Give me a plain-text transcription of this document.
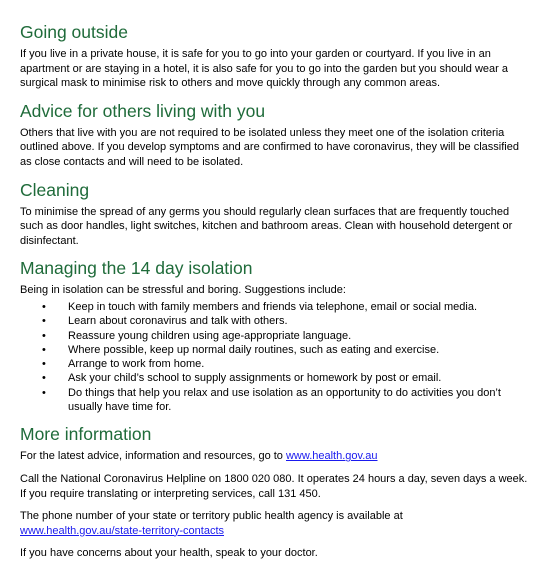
Going outside

If you live in a private house, it is safe for you to go into your garden or courtyard. If you live in an apartment or are staying in a hotel, it is also safe for you to go into the garden but you should wear a surgical mask to minimise risk to others and move quickly through any common areas.

Advice for others living with you

Others that live with you are not required to be isolated unless they meet one of the isolation criteria outlined above. If you develop symptoms and are confirmed to have coronavirus, they will be classified as close contacts and will need to be isolated.

Cleaning

To minimise the spread of any germs you should regularly clean surfaces that are frequently touched such as door handles, light switches, kitchen and bathroom areas. Clean with household detergent or disinfectant.

Managing the 14 day isolation

Being in isolation can be stressful and boring. Suggestions include:

• Keep in touch with family members and friends via telephone, email or social media.
• Learn about coronavirus and talk with others.
• Reassure young children using age-appropriate language.
• Where possible, keep up normal daily routines, such as eating and exercise.
• Arrange to work from home.
• Ask your child’s school to supply assignments or homework by post or email.
• Do things that help you relax and use isolation as an opportunity to do activities you don’t usually have time for.
More information

For the latest advice, information and resources, go to www.health.gov.au

Call the National Coronavirus Helpline on 1800 020 080. It operates 24 hours a day, seven days a week. If you require translating or interpreting services, call 131 450.

The phone number of your state or territory public health agency is available at
www.health.gov.au/state-territory-contacts

If you have concerns about your health, speak to your doctor.
